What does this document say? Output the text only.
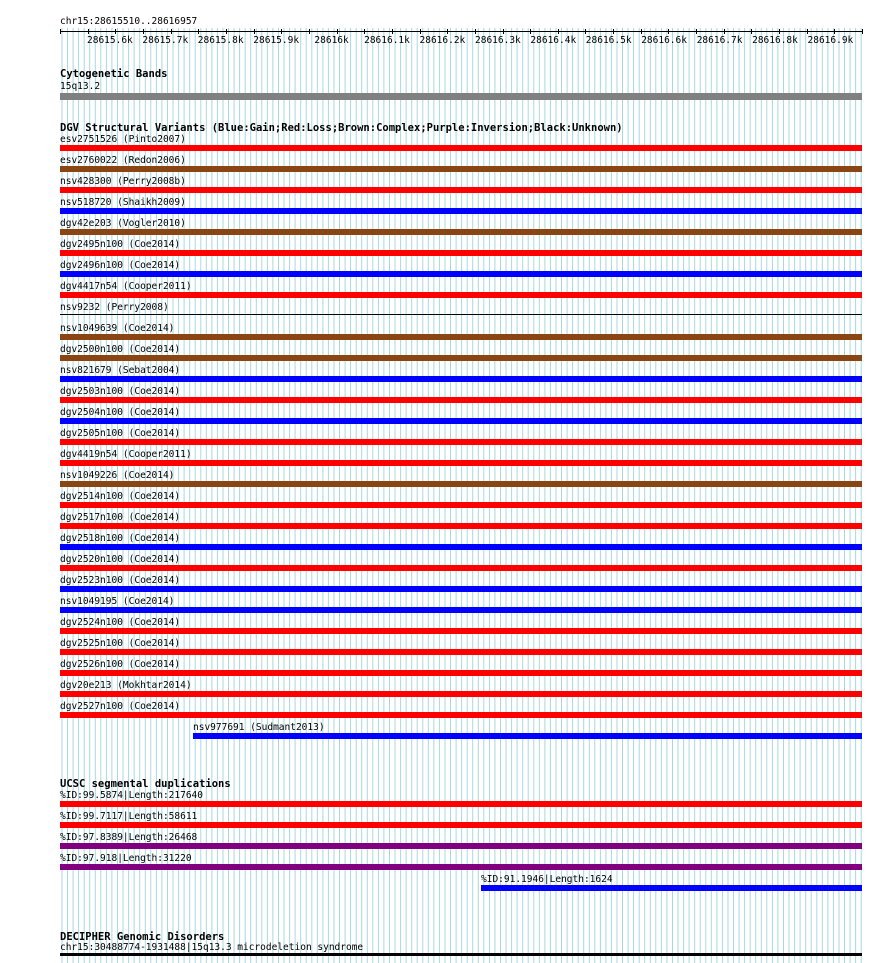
chr15:28615510..28616957
28615.6k 28615.7k 28615.8k 28615.9k 28616k 28616.1k 28616.2k 28616.3k 28616.4k 28616.5k 28616.6k 28616.7k 28616.8k 28616.9k
Cytogenetic Bands
15q13.2
DGV Structural Variants (Blue:Gain;Red:Loss;Brown:Complex;Purple:Inversion;Black:Unknown)
esv2751526 (Pinto2007)
esv2760022 (Redon2006)
nsv428300 (Perry2008b)
nsv518720 (Shaikh2009)
dgv42e203 (Vogler2010)
dgv2495n100 (Coe2014)
dgv2496n100 (Coe2014)
dgv4417n54 (Cooper2011)
nsv9232 (Perry2008)
nsv1049639 (Coe2014)
dgv2500n100 (Coe2014)
nsv821679 (Sebat2004)
dgv2503n100 (Coe2014)
dgv2504n100 (Coe2014)
dgv2505n100 (Coe2014)
dgv4419n54 (Cooper2011)
nsv1049226 (Coe2014)
dgv2514n100 (Coe2014)
dgv2517n100 (Coe2014)
dgv2518n100 (Coe2014)
dgv2520n100 (Coe2014)
dgv2523n100 (Coe2014)
nsv1049195 (Coe2014)
dgv2524n100 (Coe2014)
dgv2525n100 (Coe2014)
dgv2526n100 (Coe2014)
dgv20e213 (Mokhtar2014)
dgv2527n100 (Coe2014)
nsv977691 (Sudmant2013)
UCSC segmental duplications
%ID:99.5874|Length:217640
%ID:99.7117|Length:58611
%ID:97.8389|Length:26468
%ID:97.918|Length:31220
%ID:91.1946|Length:1624
DECIPHER Genomic Disorders
chr15:30488774-1931488|15q13.3 microdeletion syndrome
